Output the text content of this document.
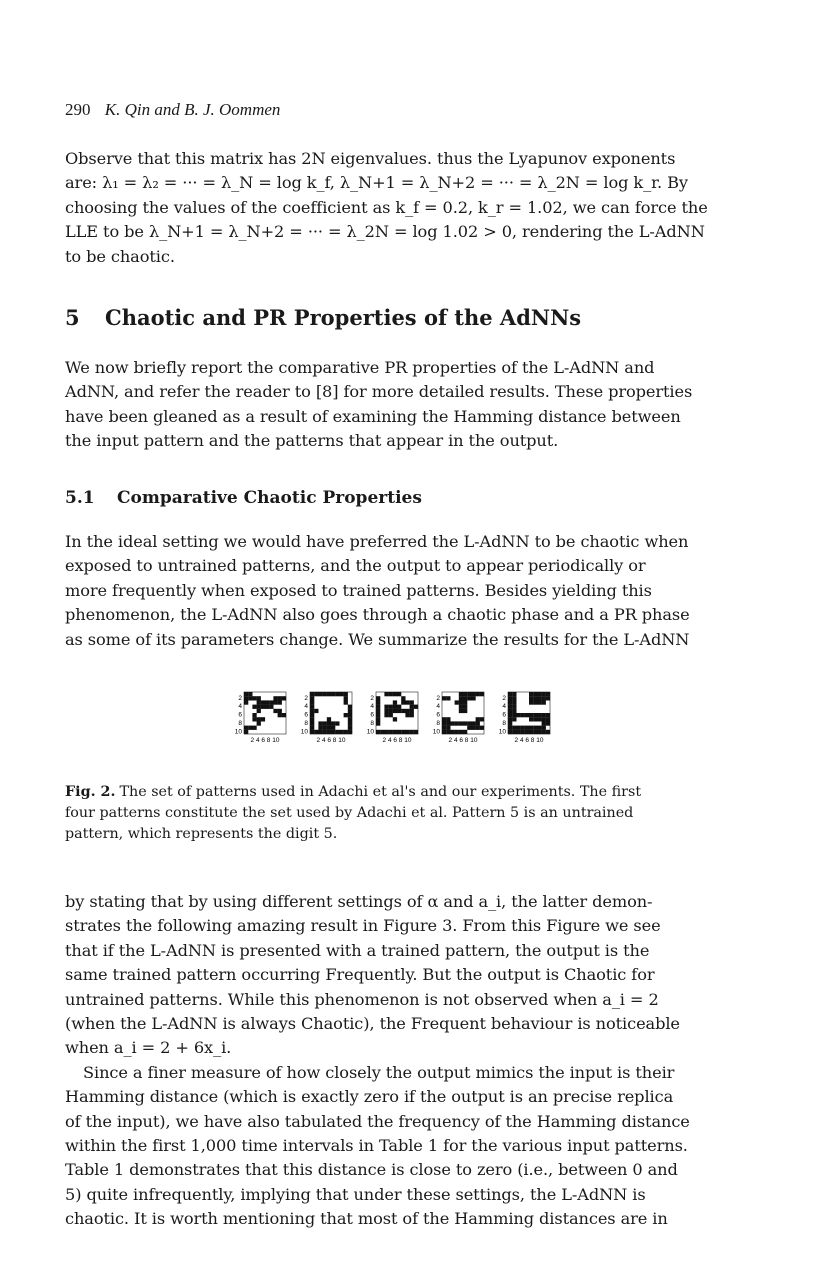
290 K. Qin and B. J. Oommen
Observe that this matrix has 2N eigenvalues. thus the Lyapunov exponents
are: λ₁ = λ₂ = ··· = λ_N = log k_f, λ_N+1 = λ_N+2 = ··· = λ_2N = log k_r. By
choosing the values of the coefficient as k_f = 0.2, k_r = 1.02, we can force the
LLE to be λ_N+1 = λ_N+2 = ··· = λ_2N = log 1.02 > 0, rendering the L-AdNN
to be chaotic.
5 Chaotic and PR Properties of the AdNNs
We now briefly report the comparative PR properties of the L-AdNN and
AdNN, and refer the reader to [8] for more detailed results. These properties
have been gleaned as a result of examining the Hamming distance between
the input pattern and the patterns that appear in the output.
5.1 Comparative Chaotic Properties
In the ideal setting we would have preferred the L-AdNN to be chaotic when
exposed to untrained patterns, and the output to appear periodically or
more frequently when exposed to trained patterns. Besides yielding this
phenomenon, the L-AdNN also goes through a chaotic phase and a PR phase
as some of its parameters change. We summarize the results for the L-AdNN
2
4
6
8
10
2 4 6 8 10
2
4
6
8
10
2 4 6 8 10
2
4
6
8
10
2 4 6 8 10
2
4
6
8
10
2 4 6 8 10
2
4
6
8
10
2 4 6 8 10
Fig. 2. The set of patterns used in Adachi et al's and our experiments. The first
four patterns constitute the set used by Adachi et al. Pattern 5 is an untrained
pattern, which represents the digit 5.
by stating that by using different settings of α and a_i, the latter demon-
strates the following amazing result in Figure 3. From this Figure we see
that if the L-AdNN is presented with a trained pattern, the output is the
same trained pattern occurring Frequently. But the output is Chaotic for
untrained patterns. While this phenomenon is not observed when a_i = 2
(when the L-AdNN is always Chaotic), the Frequent behaviour is noticeable
when a_i = 2 + 6x_i.
Since a finer measure of how closely the output mimics the input is their
Hamming distance (which is exactly zero if the output is an precise replica
of the input), we have also tabulated the frequency of the Hamming distance
within the first 1,000 time intervals in Table 1 for the various input patterns.
Table 1 demonstrates that this distance is close to zero (i.e., between 0 and
5) quite infrequently, implying that under these settings, the L-AdNN is
chaotic. It is worth mentioning that most of the Hamming distances are in
